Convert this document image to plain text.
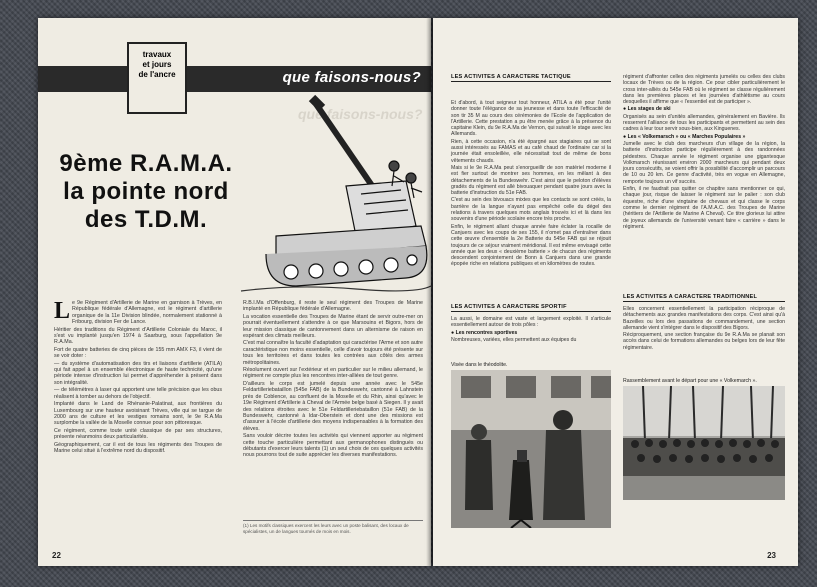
que faisons-nous?
travaux
et jours
de l'ancre
que faisons-nous?
9ème R.A.M.A.
la pointe nord
des T.D.M.

Le 9e Régiment d'Artillerie de Marine en garnison à Trèves, en République fédérale d'Allemagne, est le régiment d'artillerie organique de la 11e Division blindée, normalement stationné à Fribourg, division Fer de Lance.

Héritier des traditions du Régiment d'Artillerie Coloniale du Maroc, il s'est vu implanté jusqu'en 1974 à Saarburg, sous l'appellation 9e R.A.Ma.

Fort de quatre batteries de cinq pièces de 155 mm AMX F3, il vient de se voir doter :

— du système d'automatisation des tirs et liaisons d'artillerie (ATILA) qui fait appel à un ensemble électronique de haute technicité, qu'une période intense d'instruction lui permet d'appréhender à présent dans son intégralité.

— de télémètres à laser qui apportent une telle précision que les obus réalisent à tomber au dehors de l'objectif.

Implanté dans le Land de Rhénanie-Palatinat, aux frontières du Luxembourg sur une hauteur avoisinant Trèves, ville qui se targue de 2000 ans de culture et les vestiges romains sont, le 9e R.A.Ma surplombe la vallée de la Moselle connue pour son pittoresque.

Ce régiment, comme toute unité classique de par ses structures, présente néanmoins deux particularités.

Géographiquement, car il est de tous les régiments des Troupes de Marine celui situé à l'extrême nord du dispositif.

R.B.I.Ma d'Offenburg, il reste le seul régiment des Troupes de Marine implanté en République fédérale d'Allemagne.

La vocation essentielle des Troupes de Marine étant de servir outre-mer on pourrait éventuellement s'attendre à ce que Marsouins et Bigors, hors de leur mission classique de cantonnement dans un alternisme de raison en espérant des climats meilleurs.

C'est mal connaître la faculté d'adaptation qui caractérise l'Arme et son autre caractéristique non moins essentielle, celle d'avoir toujours été présente sur tous les territoires et dans toutes les contrées aux côtés des armes métropolitaines.

Résolument ouvert sur l'extérieur et en particulier sur le milieu allemand, le régiment ne compte plus les rencontres inter-alliées de tout genre.

D'ailleurs le corps est jumelé depuis une année avec le 545e Feldartilleriebataillon (545e FAB) de la Bundeswehr, cantonné à Lahnstein près de Coblence, au confluent de la Moselle et du Rhin, ainsi qu'avec le 19e Régiment d'Artillerie à Cheval de l'Armée belge basé à Siegen. Il y avait des relations étroites avec le 51e Feldartilleriebataillon (51e FAB) de la Bundeswehr, cantonné à Idar-Oberstein et dont une des missions est d'assurer à l'école d'artillerie des moyens indispensables à la formation des élèves.

Sans vouloir décrire toutes les activités qui viennent apporter au régiment cette touche particulière permettant aux germanophones distingués ou débutants d'exercer leurs talents (1) un seul choix de ces quelques activités nous pourrons tout de suite apprécier les diverses manifestations.

(1) Les motifs classiques exercent les leurs avec un poste balisant, des locaux de spécialistes, un de langues tournés de mois en mois.
22
LES ACTIVITES A CARACTERE TACTIQUE

Et d'abord, à tout seigneur tout honneur, ATILA a été pour l'unité donner toute l'élégance de sa jeunesse et dans toute l'efficacité de son tir 35 M au cours des cérémonies de l'Ecole de l'application de l'Artillerie. Cette prestation a pu être menée grâce à la présence du capitaine Klein, du 9e R.A.Ma de Vernon, qui suivait le stage avec les Allemands.

Rien, à cette occasion, n'a été épargné aux stagiaires qui se sont aussi intéressés au FAMAS et au café chaud de l'ordinaire car si la journée était ensoleillée, elle nécessitait tout de même de bons vêtements chauds.

Mais si le 9e R.A.Ma peut s'enorgueillir de son matériel moderne il est fier surtout de montrer ses hommes, en les mêlant à des détachements de la Bundeswehr. C'est ainsi que le peloton d'élèves gradés du régiment est allé bivouaquer pendant quatre jours avec la batterie d'instruction du 51e FAB.

C'est au sein des bivouacs mixtes que les contacts se sont créés, la barrière de la langue n'ayant pas empêché celle du dégel des relations à travers quelques mots anglais trouvés ici et là dans les souvenirs d'une période scolaire encore très proche.

Enfin, le régiment allant chaque année faire éclater la rocaille de Canjuers avec les coups de ses 155, il n'omet pas d'entraîner dans cette œuvre d'ensemble la 2e Batterie du 545e FAB qui se réjouit toujours de ce séjour vraiment méridional. Il est même envisagé cette année que les deux « deuxième batterie » de chacun des régiments descendent conjointement de Bonn à Canjuers dans une grande épopée riche en relations publiques et en kilomètres de routes.

LES ACTIVITES A CARACTERE SPORTIF

La aussi, le domaine est vaste et largement exploité. Il s'articule essentiellement autour de trois pôles :

● Les rencontres sportives

Nombreuses, variées, elles permettent aux équipes du

régiment d'affronter celles des régiments jumelés ou celles des clubs locaux de Trèves ou de la région. Ce pour cibler particulièrement le cross inter-alliés du 545e FAB où le régiment se classe régulièrement dans les premières places et les journées d'athlétisme au cours desquelles il affirme que « l'essentiel est de participer ».

● Les stages de ski

Organisés au sein d'unités allemandes, généralement en Bavière. Ils resserrent l'alliance de tous les participants et permettent au sein des cadres à leur tour servir sous-bien, aux Kinguenes.

● Les « Volkemarsch » ou « Marches Populaires »

Jumelle avec le club des marcheurs d'un village de la région, la batterie d'instruction participe régulièrement à des randonnées pédestres. Chaque année le régiment organise une gigantesque Volkmarsch réunissant environ 2000 marcheurs qui pendant deux jours consécutifs, se voient offrir la possibilité d'accomplir un parcours de 10 ou 20 km. Ce genre d'activité, très en vogue en Allemagne, remporte toujours un vif succès.

Enfin, il ne faudrait pas quitter ce chapitre sans mentionner ce qui, chaque jour, risque de laisser le régiment sur le palier : son club équestre, riche d'une vingtaine de chevaux et qui classe le corps comme le dernier régiment de l'A.M.A.C. des Troupes de Marine (héritiers de l'Artillerie de Marine A Cheval). Ce titre glorieux lui attire de joyeux allemands de l'université venant faire « carrière » dans le régiment.

LES ACTIVITES A CARACTERE TRADITIONNEL

Elles concernent essentiellement la participation réciproque de détachements aux grandes manifestations des corps. C'est ainsi qu'à Bazeilles ou lors des passations de commandement, une section allemande vient s'intégrer dans le dispositif des Bigors.

Réciproquement, une section française du 9e R.A.Ma se planait son accès dans celui de formations allemandes ou belges lors de leur fête régimentaire.

Visée dans le théodolite.
Rassemblement avant le départ pour une « Volkemarch ».
23
